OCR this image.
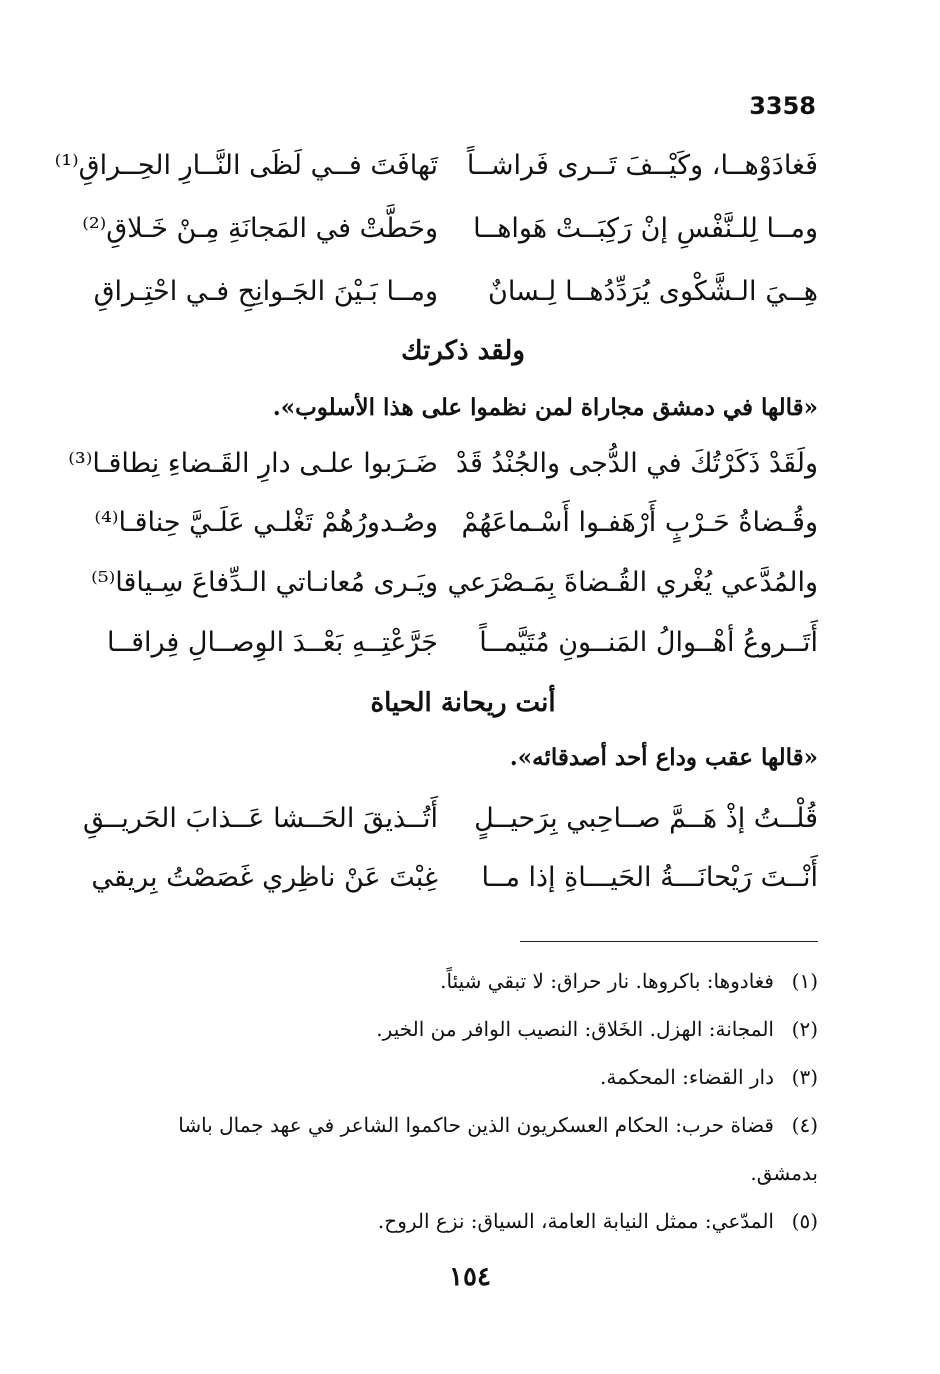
3358
فَغادَوْهــا، وكَيْــفَ تَــرى فَراشــاً
تَهافَتَ فــي لَظَى النَّــارِ الحِــراقِ⁽¹⁾
ومــا لِلـنَّفْسِ إنْ رَكِبَــتْ هَواهــا
وحَطَّتْ في المَجانَةِ مِـنْ خَـلاقِ⁽²⁾
هِــيَ الـشَّكْوى يُرَدِّدُهــا لِـسانٌ
ومــا بَـيْنَ الجَـوانِحِ فـي احْتِـراقِ
ولقد ذكرتك
«قالها في دمشق مجاراة لمن نظموا على هذا الأسلوب».
ولَقَدْ ذَكَرْتُكَ في الدُّجى والجُنْدُ قَدْ
ضَـرَبوا علـى دارِ القَـضاءِ نِطاقـا⁽³⁾
وقُـضاةُ حَـرْبٍ أَرْهَفـوا أَسْـماعَهُمْ
وصُـدورُهُمْ تَغْلـي عَلَـيَّ حِناقـا⁽⁴⁾
والمُدَّعي يُغْري القُـضاةَ بِمَـصْرَعي
ويَـرى مُعانـاتي الـدِّفاعَ سِـياقا⁽⁵⁾
أَتَــروعُ أهْــوالُ المَنــونِ مُتَيَّمــاً
جَرَّعْتِــهِ بَعْــدَ الوِصــالِ فِراقــا
أنت ريحانة الحياة
«قالها عقب وداع أحد أصدقائه».
قُلْــتُ إذْ هَــمَّ صــاحِبي بِرَحيــلٍ
أَتُــذيقَ الحَــشا عَــذابَ الحَريــقِ
أَنْــتَ رَيْحانَـــةُ الحَيـــاةِ إذا مــا
غِبْتَ عَنْ ناظِري غَصَصْتُ بِريقي
(١)فغادوها: باكروها. نار حراق: لا تبقي شيئاً.
(٢)المجانة: الهزل. الخَلاق: النصيب الوافر من الخير.
(٣)دار القضاء: المحكمة.
(٤)قضاة حرب: الحكام العسكريون الذين حاكموا الشاعر في عهد جمال باشا بدمشق.
(٥)المدّعي: ممثل النيابة العامة، السياق: نزع الروح.
١٥٤
